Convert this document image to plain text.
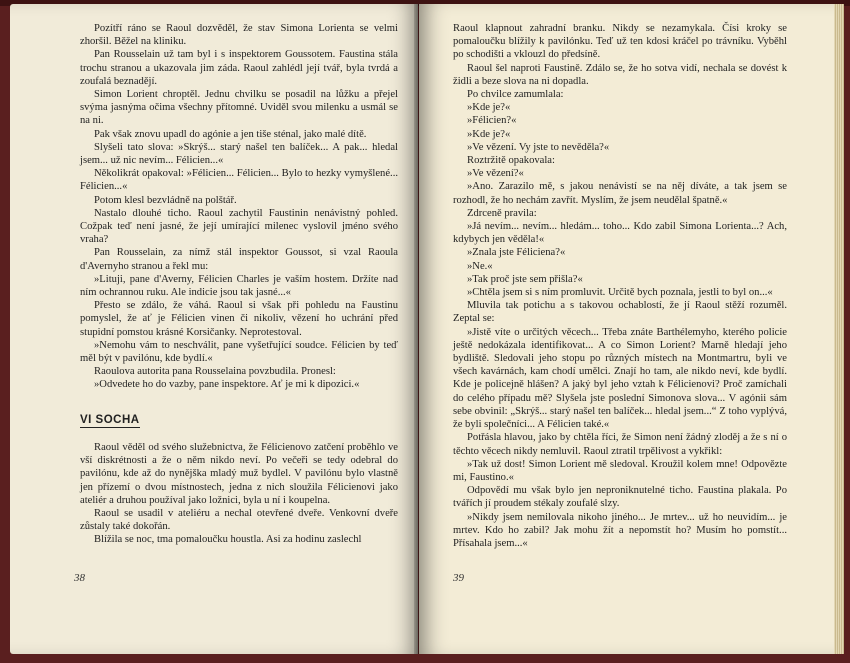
Pozítří ráno se Raoul dozvěděl, že stav Simona Lorienta se velmi zhoršil. Běžel na kliniku.

Pan Rousselain už tam byl i s inspektorem Goussotem. Faustina stála trochu stranou a ukazovala jim záda. Raoul zahlédl její tvář, byla tvrdá a zoufalá beznadějí.

Simon Lorient chroptěl. Jednu chvilku se posadil na lůžku a přejel svýma jasnýma očima všechny přítomné. Uviděl svou milenku a usmál se na ni.

Pak však znovu upadl do agónie a jen tiše sténal, jako malé dítě.

Slyšeli tato slova: »Skrýš... starý našel ten balíček... A pak... hledal jsem... už nic nevím... Félicien...«

Několikrát opakoval: »Félicien... Félicien... Bylo to hezky vymyšlené... Félicien...«

Potom klesl bezvládně na polštář.

Nastalo dlouhé ticho. Raoul zachytil Faustinin nenávistný pohled. Cožpak teď není jasné, že její umírající milenec vyslovil jméno svého vraha?

Pan Rousselain, za nímž stál inspektor Goussot, si vzal Raoula d'Avernyho stranou a řekl mu:

»Lituji, pane d'Averny, Félicien Charles je vaším hostem. Držíte nad ním ochrannou ruku. Ale indicie jsou tak jasné...«

Přesto se zdálo, že váhá. Raoul si však při pohledu na Faustinu pomyslel, že ať je Félicien vinen či nikoliv, vězení ho uchrání před stupidní pomstou krásné Korsičanky. Neprotestoval.

»Nemohu vám to neschválit, pane vyšetřující soudce. Félicien by teď měl být v pavilónu, kde bydlí.«

Raoulova autorita pana Rousselaina povzbudila. Pronesl:

»Odvedete ho do vazby, pane inspektore. Ať je mi k dipozici.«

VI SOCHA

Raoul věděl od svého služebnictva, že Félicienovo zatčení proběhlo ve vší diskrétnosti a že o něm nikdo neví. Po večeři se tedy odebral do pavilónu, kde až do nynějška mladý muž bydlel. V pavilónu bylo vlastně jen přízemí o dvou místnostech, jedna z nich sloužila Félicienovi jako ateliér a druhou používal jako ložnici, byla u ní i koupelna.

Raoul se usadil v ateliéru a nechal otevřené dveře. Venkovní dveře zůstaly také dokořán.

Blížila se noc, tma pomaloučku houstla. Asi za hodinu zaslechl

38

Raoul klapnout zahradní branku. Nikdy se nezamykala. Čísi kroky se pomaloučku blížily k pavilónku. Teď už ten kdosi kráčel po trávníku. Vyběhl po schodišti a vklouzl do předsíně.

Raoul šel naproti Faustině. Zdálo se, že ho sotva vidí, nechala se dovést k židli a beze slova na ni dopadla.

Po chvilce zamumlala:

»Kde je?«

»Félicien?«

»Kde je?«

»Ve vězení. Vy jste to nevěděla?«

Roztržitě opakovala:

»Ve vězení?«

»Ano. Zarazilo mě, s jakou nenávistí se na něj díváte, a tak jsem se rozhodl, že ho nechám zavřít. Myslím, že jsem neudělal špatně.«

Zdrceně pravila:

»Já nevím... nevím... hledám... toho... Kdo zabil Simona Lorienta...? Ach, kdybych jen věděla!«

»Znala jste Féliciena?«

»Ne.«

»Tak proč jste sem přišla?«

»Chtěla jsem si s ním promluvit. Určitě bych poznala, jestli to byl on...«

Mluvila tak potichu a s takovou ochablostí, že jí Raoul stěží rozuměl. Zeptal se:

»Jistě víte o určitých věcech... Třeba znáte Barthélemyho, kterého policie ještě nedokázala identifikovat... A co Simon Lorient? Marně hledají jeho bydliště. Sledovali jeho stopu po různých místech na Montmartru, byli ve všech kavárnách, kam chodí umělci. Znají ho tam, ale nikdo neví, kde bydlí. Kde je policejně hlášen? A jaký byl jeho vztah k Félicienovi? Proč zamíchali do celého případu mě? Slyšela jste poslední Simonova slova... V agónii sám sebe obvinil: „Skrýš... starý našel ten balíček... hledal jsem...“ Z toho vyplývá, že byli společníci... A Félicien také.«

Potřásla hlavou, jako by chtěla říci, že Simon není žádný zloděj a že s ní o těchto věcech nikdy nemluvil. Raoul ztratil trpělivost a vykřikl:

»Tak už dost! Simon Lorient mě sledoval. Kroužil kolem mne! Odpovězte mi, Faustino.«

Odpovědí mu však bylo jen neproniknutelné ticho. Faustina plakala. Po tvářích jí proudem stékaly zoufalé slzy.

»Nikdy jsem nemilovala nikoho jiného... Je mrtev... už ho neuvidím... je mrtev. Kdo ho zabil? Jak mohu žít a nepomstít ho? Musím ho pomstít... Přísahala jsem...«

39
